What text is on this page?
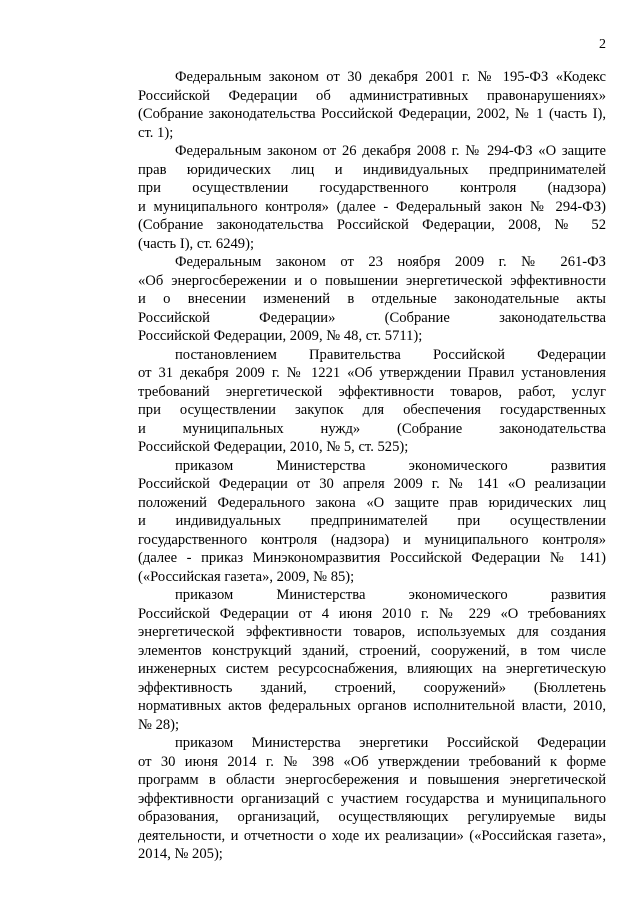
2
Федеральным законом от 30 декабря 2001 г. № 195-ФЗ «Кодекс
Российской Федерации об административных правонарушениях»
(Собрание законодательства Российской Федерации, 2002, № 1 (часть I),
ст. 1);
Федеральным законом от 26 декабря 2008 г. № 294-ФЗ «О защите
прав юридических лиц и индивидуальных предпринимателей
при осуществлении государственного контроля (надзора)
и муниципального контроля» (далее - Федеральный закон № 294-ФЗ)
(Собрание законодательства Российской Федерации, 2008, № 52
(часть I), ст. 6249);
Федеральным законом от 23 ноября 2009 г. № 261-ФЗ
«Об энергосбережении и о повышении энергетической эффективности
и о внесении изменений в отдельные законодательные акты
Российской Федерации» (Собрание законодательства
Российской Федерации, 2009, № 48, ст. 5711);
постановлением Правительства Российской Федерации
от 31 декабря 2009 г. № 1221 «Об утверждении Правил установления
требований энергетической эффективности товаров, работ, услуг
при осуществлении закупок для обеспечения государственных
и муниципальных нужд» (Собрание законодательства
Российской Федерации, 2010, № 5, ст. 525);
приказом Министерства экономического развития
Российской Федерации от 30 апреля 2009 г. № 141 «О реализации
положений Федерального закона «О защите прав юридических лиц
и индивидуальных предпринимателей при осуществлении
государственного контроля (надзора) и муниципального контроля»
(далее - приказ Минэкономразвития Российской Федерации № 141)
(«Российская газета», 2009, № 85);
приказом Министерства экономического развития
Российской Федерации от 4 июня 2010 г. № 229 «О требованиях
энергетической эффективности товаров, используемых для создания
элементов конструкций зданий, строений, сооружений, в том числе
инженерных систем ресурсоснабжения, влияющих на энергетическую
эффективность зданий, строений, сооружений» (Бюллетень
нормативных актов федеральных органов исполнительной власти, 2010,
№ 28);
приказом Министерства энергетики Российской Федерации
от 30 июня 2014 г. № 398 «Об утверждении требований к форме
программ в области энергосбережения и повышения энергетической
эффективности организаций с участием государства и муниципального
образования, организаций, осуществляющих регулируемые виды
деятельности, и отчетности о ходе их реализации» («Российская газета»,
2014, № 205);
